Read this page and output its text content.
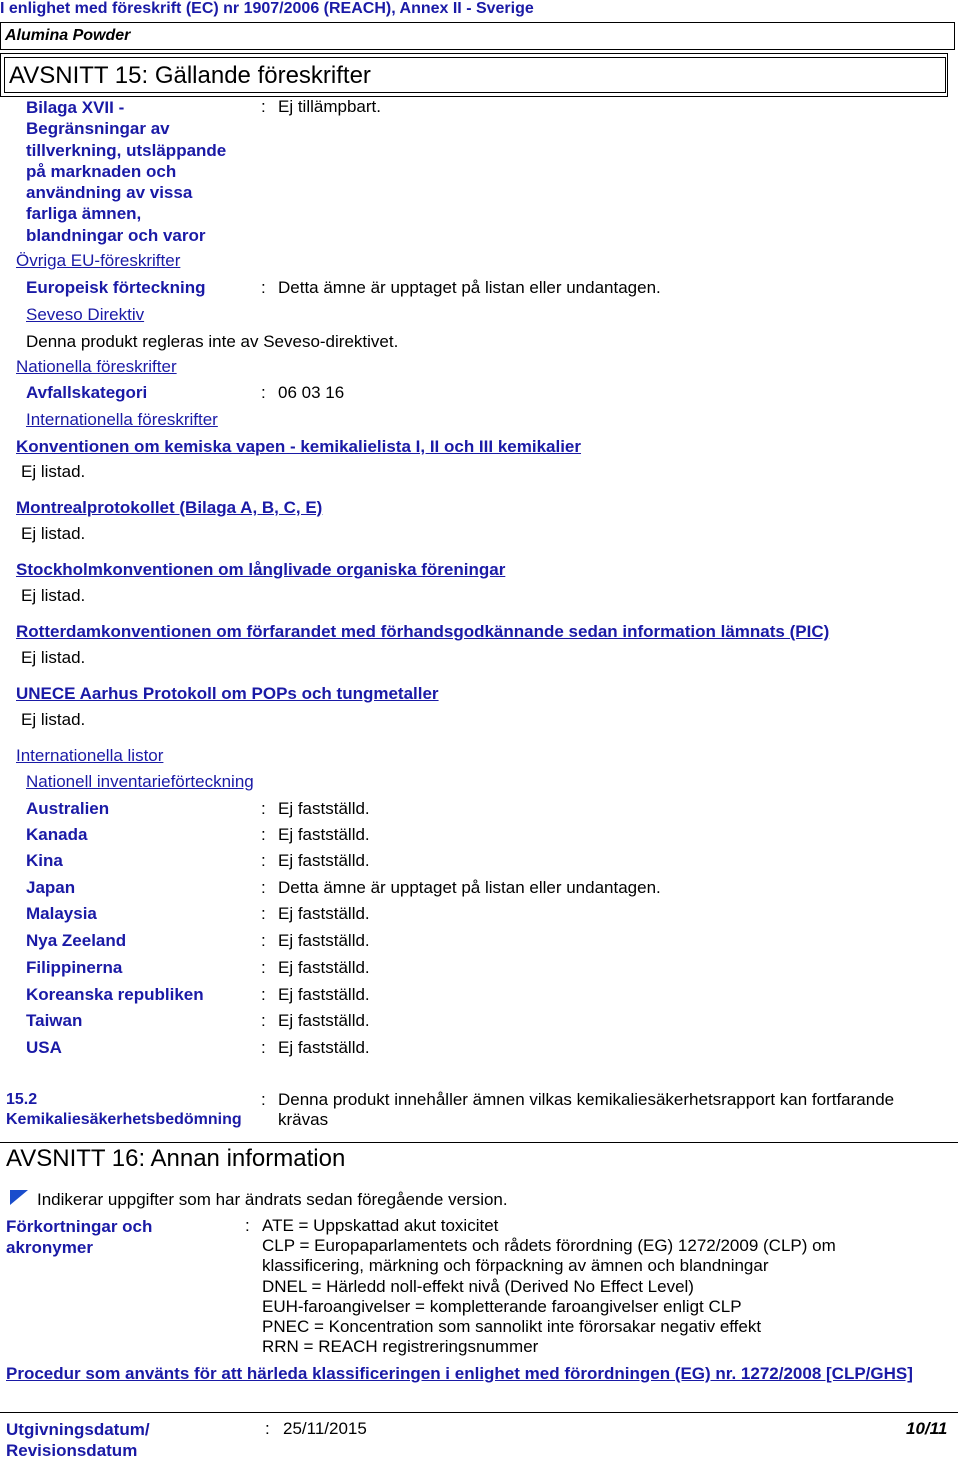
I enlighet med föreskrift (EC) nr 1907/2006 (REACH), Annex II - Sverige
Alumina Powder
AVSNITT 15: Gällande föreskrifter
Bilaga XVII -
Begränsningar av
tillverkning, utsläppande
på marknaden och
användning av vissa
farliga ämnen,
blandningar och varor
: Ej tillämpbart.
Övriga EU-föreskrifter
Europeisk förteckning	: Detta ämne är upptaget på listan eller undantagen.
Seveso Direktiv
Denna produkt regleras inte av Seveso-direktivet.
Nationella föreskrifter
Avfallskategori	: 06 03 16
Internationella föreskrifter
Konventionen om kemiska vapen - kemikalielista I, II och III kemikalier
Ej listad.
Montrealprotokollet (Bilaga A, B, C, E)
Ej listad.
Stockholmkonventionen om långlivade organiska föreningar
Ej listad.
Rotterdamkonventionen om förfarandet med förhandsgodkännande sedan information lämnats (PIC)
Ej listad.
UNECE Aarhus Protokoll om POPs och tungmetaller
Ej listad.
Internationella listor
Nationell inventarieförteckning
Australien	: Ej fastställd.
Kanada	: Ej fastställd.
Kina	: Ej fastställd.
Japan	: Detta ämne är upptaget på listan eller undantagen.
Malaysia	: Ej fastställd.
Nya Zeeland	: Ej fastställd.
Filippinerna	: Ej fastställd.
Koreanska republiken	: Ej fastställd.
Taiwan	: Ej fastställd.
USA	: Ej fastställd.
15.2
Kemikaliesäkerhetsbedömning
: Denna produkt innehåller ämnen vilkas kemikaliesäkerhetsrapport kan fortfarande
krävas
AVSNITT 16: Annan information
Indikerar uppgifter som har ändrats sedan föregående version.
Förkortningar och
akronymer
: ATE = Uppskattad akut toxicitet
CLP = Europaparlamentets och rådets förordning (EG) 1272/2009 (CLP) om
klassificering, märkning och förpackning av ämnen och blandningar
DNEL = Härledd noll-effekt nivå (Derived No Effect Level)
EUH-faroangivelser = kompletterande faroangivelser enligt CLP
PNEC = Koncentration som sannolikt inte förorsakar negativ effekt
RRN = REACH registreringsnummer
Procedur som använts för att härleda klassificeringen i enlighet med förordningen (EG) nr. 1272/2008 [CLP/GHS]
Utgivningsdatum/
Revisionsdatum
: 25/11/2015	10/11
